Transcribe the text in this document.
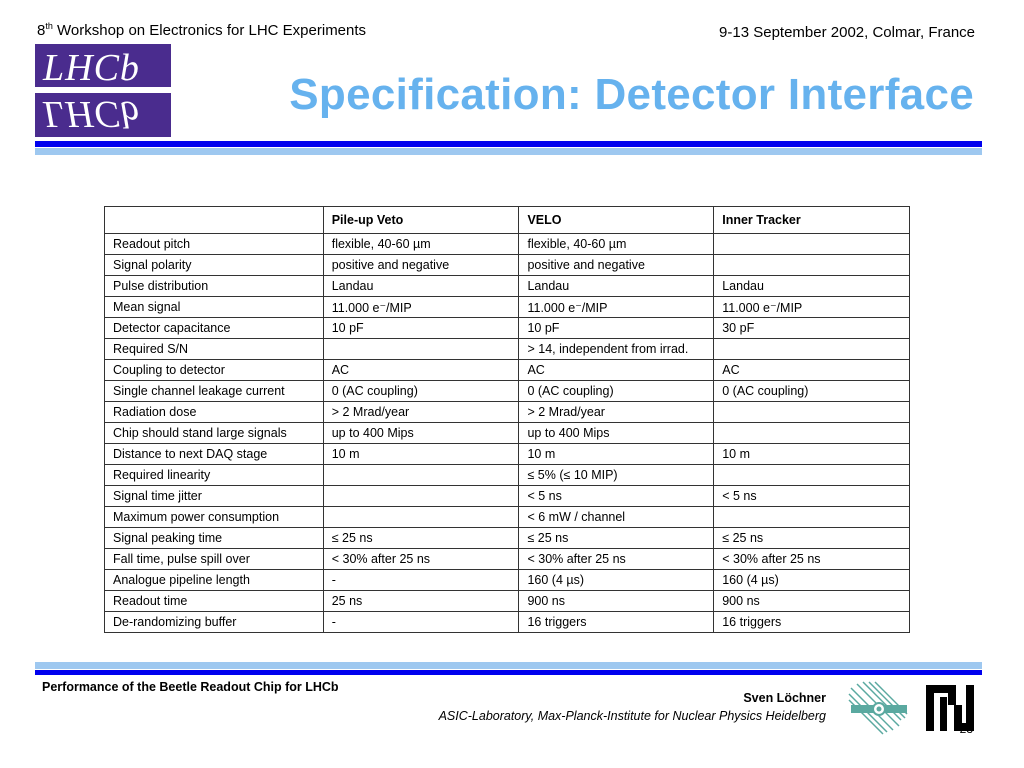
8th Workshop on Electronics for LHC Experiments	9-13 September 2002, Colmar, France
LHCb
LHCb	Specification: Detector Interface
	Pile-up Veto	VELO	Inner Tracker
Readout pitch	flexible, 40-60 µm	flexible, 40-60 µm	
Signal polarity	positive and negative	positive and negative	
Pulse distribution	Landau	Landau	Landau
Mean signal	11.000 e⁻/MIP	11.000 e⁻/MIP	11.000 e⁻/MIP
Detector capacitance	10 pF	10 pF	30 pF
Required S/N		> 14, independent from irrad.	
Coupling to detector	AC	AC	AC
Single channel leakage current	0 (AC coupling)	0 (AC coupling)	0 (AC coupling)
Radiation dose	> 2 Mrad/year	> 2 Mrad/year	
Chip should stand large signals	up to 400 Mips	up to 400 Mips	
Distance to next DAQ stage	10 m	10 m	10 m
Required linearity		≤ 5% (≤ 10 MIP)	
Signal time jitter		< 5 ns	< 5 ns
Maximum power consumption		< 6 mW / channel	
Signal peaking time	≤ 25 ns	≤ 25 ns	≤ 25 ns
Fall time, pulse spill over	< 30% after 25 ns	< 30% after 25 ns	< 30% after 25 ns
Analogue pipeline length	-	160 (4 µs)	160 (4 µs)
Readout time	25 ns	900 ns	900 ns
De-randomizing buffer	-	16 triggers	16 triggers
Performance of the Beetle Readout Chip for LHCb
Sven Löchner
ASIC-Laboratory, Max-Planck-Institute for Nuclear Physics Heidelberg
23
